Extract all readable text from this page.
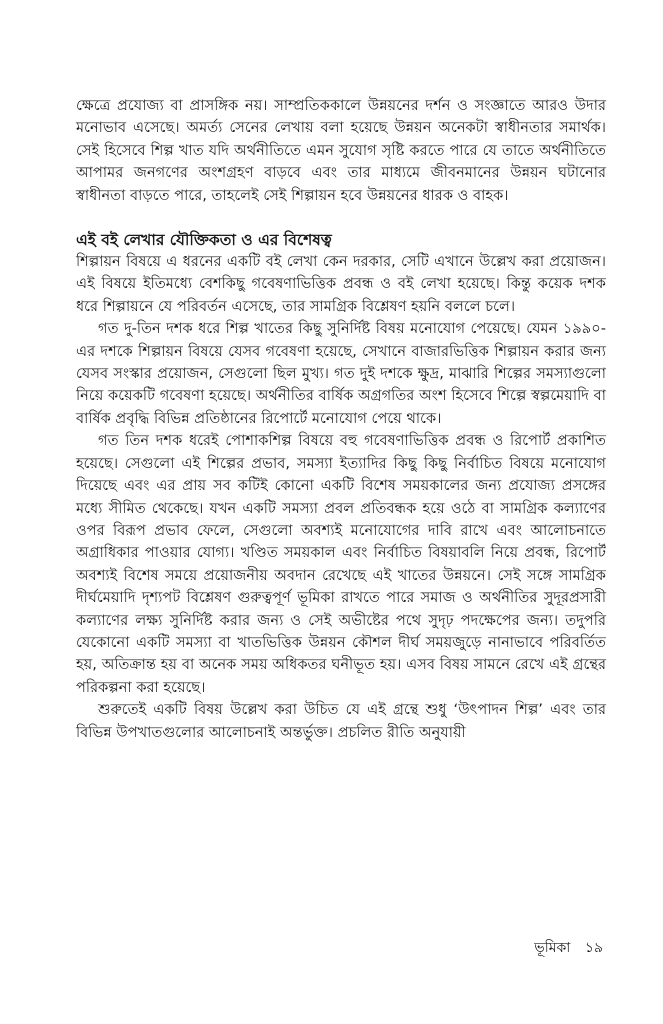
ক্ষেত্রে প্রযোজ্য বা প্রাসঙ্গিক নয়। সাম্প্রতিককালে উন্নয়নের দর্শন ও সংজ্ঞাতে আরও উদার মনোভাব এসেছে। অমর্ত্য সেনের লেখায় বলা হয়েছে উন্নয়ন অনেকটা স্বাধীনতার সমার্থক। সেই হিসেবে শিল্প খাত যদি অর্থনীতিতে এমন সুযোগ সৃষ্টি করতে পারে যে তাতে অর্থনীতিতে আপামর জনগণের অংশগ্রহণ বাড়বে এবং তার মাধ্যমে জীবনমানের উন্নয়ন ঘটানোর স্বাধীনতা বাড়তে পারে, তাহলেই সেই শিল্পায়ন হবে উন্নয়নের ধারক ও বাহক।

এই বই লেখার যৌক্তিকতা ও এর বিশেষত্ব

শিল্পায়ন বিষয়ে এ ধরনের একটি বই লেখা কেন দরকার, সেটি এখানে উল্লেখ করা প্রয়োজন। এই বিষয়ে ইতিমধ্যে বেশকিছু গবেষণাভিত্তিক প্রবন্ধ ও বই লেখা হয়েছে। কিন্তু কয়েক দশক ধরে শিল্পায়নে যে পরিবর্তন এসেছে, তার সামগ্রিক বিশ্লেষণ হয়নি বললে চলে।

গত দু-তিন দশক ধরে শিল্প খাতের কিছু সুনির্দিষ্ট বিষয় মনোযোগ পেয়েছে। যেমন ১৯৯০-এর দশকে শিল্পায়ন বিষয়ে যেসব গবেষণা হয়েছে, সেখানে বাজারভিত্তিক শিল্পায়ন করার জন্য যেসব সংস্কার প্রয়োজন, সেগুলো ছিল মুখ্য। গত দুই দশকে ক্ষুদ্র, মাঝারি শিল্পের সমস্যাগুলো নিয়ে কয়েকটি গবেষণা হয়েছে। অর্থনীতির বার্ষিক অগ্রগতির অংশ হিসেবে শিল্পে স্বল্পমেয়াদি বা বার্ষিক প্রবৃদ্ধি বিভিন্ন প্রতিষ্ঠানের রিপোর্টে মনোযোগ পেয়ে থাকে।

গত তিন দশক ধরেই পোশাকশিল্প বিষয়ে বহু গবেষণাভিত্তিক প্রবন্ধ ও রিপোর্ট প্রকাশিত হয়েছে। সেগুলো এই শিল্পের প্রভাব, সমস্যা ইত্যাদির কিছু কিছু নির্বাচিত বিষয়ে মনোযোগ দিয়েছে এবং এর প্রায় সব কটিই কোনো একটি বিশেষ সময়কালের জন্য প্রযোজ্য প্রসঙ্গের মধ্যে সীমিত থেকেছে। যখন একটি সমস্যা প্রবল প্রতিবন্ধক হয়ে ওঠে বা সামগ্রিক কল্যাণের ওপর বিরূপ প্রভাব ফেলে, সেগুলো অবশ্যই মনোযোগের দাবি রাখে এবং আলোচনাতে অগ্রাধিকার পাওয়ার যোগ্য। খণ্ডিত সময়কাল এবং নির্বাচিত বিষয়াবলি নিয়ে প্রবন্ধ, রিপোর্ট অবশ্যই বিশেষ সময়ে প্রয়োজনীয় অবদান রেখেছে এই খাতের উন্নয়নে। সেই সঙ্গে সামগ্রিক দীর্ঘমেয়াদি দৃশ্যপট বিশ্লেষণ গুরুত্বপূর্ণ ভূমিকা রাখতে পারে সমাজ ও অর্থনীতির সুদূরপ্রসারী কল্যাণের লক্ষ্য সুনির্দিষ্ট করার জন্য ও সেই অভীষ্টের পথে সুদৃঢ় পদক্ষেপের জন্য। তদুপরি যেকোনো একটি সমস্যা বা খাতভিত্তিক উন্নয়ন কৌশল দীর্ঘ সময়জুড়ে নানাভাবে পরিবর্তিত হয়, অতিক্রান্ত হয় বা অনেক সময় অধিকতর ঘনীভূত হয়। এসব বিষয় সামনে রেখে এই গ্রন্থের পরিকল্পনা করা হয়েছে।

শুরুতেই একটি বিষয় উল্লেখ করা উচিত যে এই গ্রন্থে শুধু ‘উৎপাদন শিল্প’ এবং তার বিভিন্ন উপখাতগুলোর আলোচনাই অন্তর্ভুক্ত। প্রচলিত রীতি অনুযায়ী

ভূমিকা ১৯
